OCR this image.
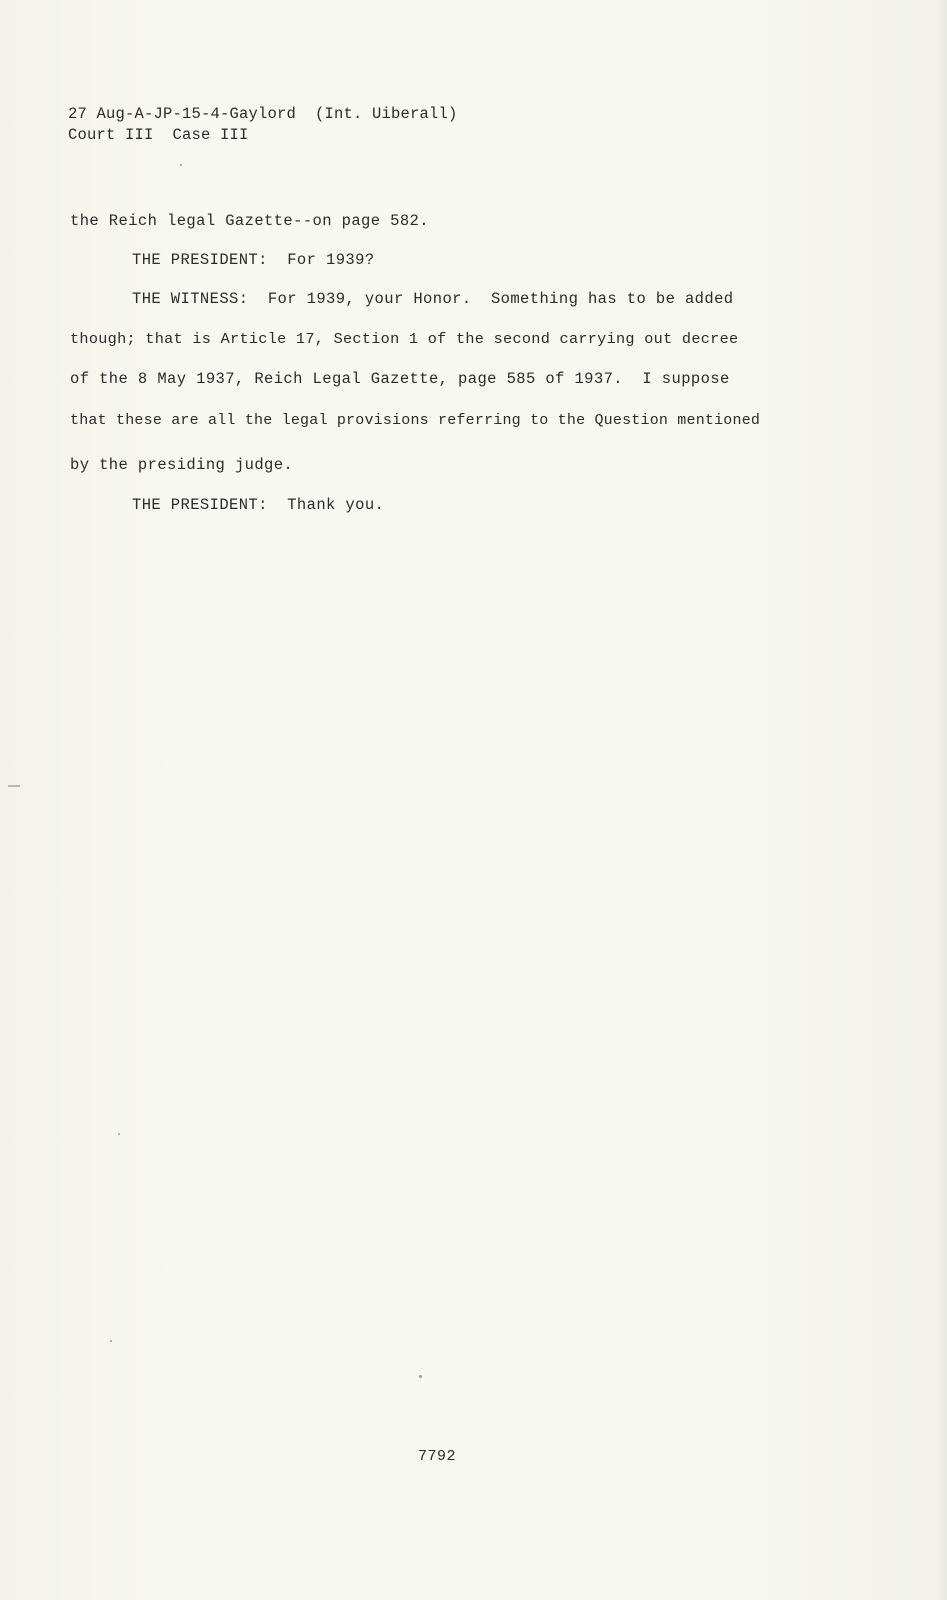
27 Aug-A-JP-15-4-Gaylord  (Int. Uiberall)
Court III  Case III
the Reich legal Gazette--on page 582.
THE PRESIDENT:  For 1939?
THE WITNESS:  For 1939, your Honor.  Something has to be added
though; that is Article 17, Section 1 of the second carrying out decree
of the 8 May 1937, Reich Legal Gazette, page 585 of 1937.  I suppose
that these are all the legal provisions referring to the Question mentioned
by the presiding judge.
THE PRESIDENT:  Thank you.
7792
